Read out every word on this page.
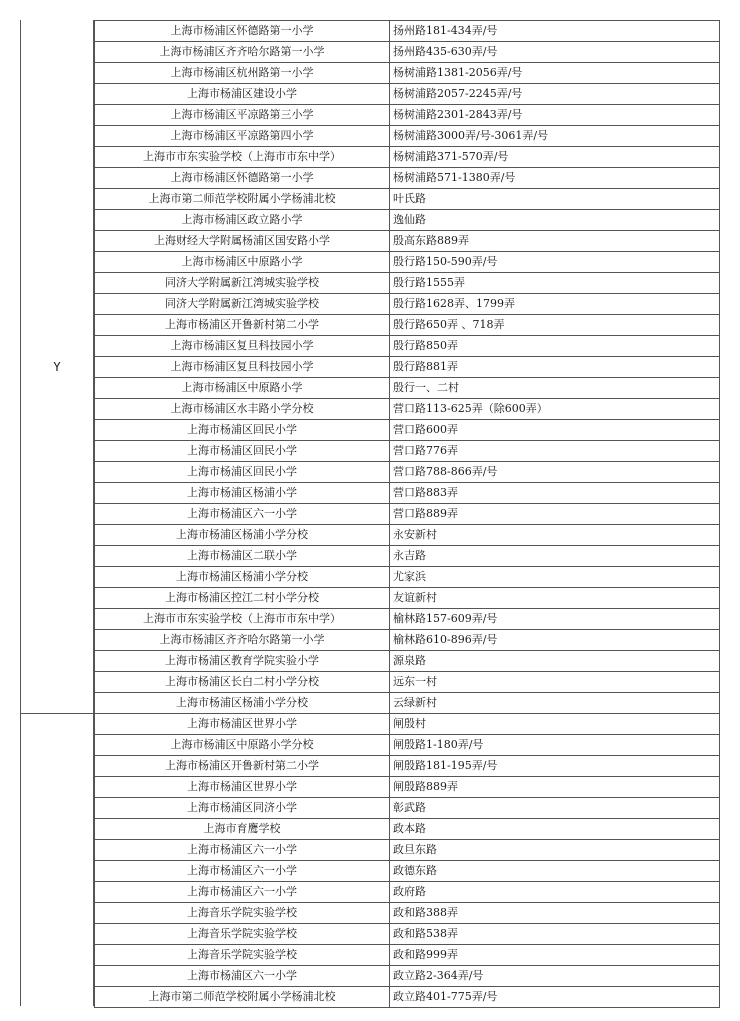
Y
上海市杨浦区怀德路第一小学	扬州路181-434弄/号
上海市杨浦区齐齐哈尔路第一小学	扬州路435-630弄/号
上海市杨浦区杭州路第一小学	杨树浦路1381-2056弄/号
上海市杨浦区建设小学	杨树浦路2057-2245弄/号
上海市杨浦区平凉路第三小学	杨树浦路2301-2843弄/号
上海市杨浦区平凉路第四小学	杨树浦路3000弄/号-3061弄/号
上海市市东实验学校（上海市市东中学）	杨树浦路371-570弄/号
上海市杨浦区怀德路第一小学	杨树浦路571-1380弄/号
上海市第二师范学校附属小学杨浦北校	叶氏路
上海市杨浦区政立路小学	逸仙路
上海财经大学附属杨浦区国安路小学	殷高东路889弄
上海市杨浦区中原路小学	殷行路150-590弄/号
同济大学附属新江湾城实验学校	殷行路1555弄
同济大学附属新江湾城实验学校	殷行路1628弄、1799弄
上海市杨浦区开鲁新村第二小学	殷行路650弄 、718弄
上海市杨浦区复旦科技园小学	殷行路850弄
上海市杨浦区复旦科技园小学	殷行路881弄
上海市杨浦区中原路小学	殷行一、二村
上海市杨浦区水丰路小学分校	营口路113-625弄（除600弄）
上海市杨浦区回民小学	营口路600弄
上海市杨浦区回民小学	营口路776弄
上海市杨浦区回民小学	营口路788-866弄/号
上海市杨浦区杨浦小学	营口路883弄
上海市杨浦区六一小学	营口路889弄
上海市杨浦区杨浦小学分校	永安新村
上海市杨浦区二联小学	永吉路
上海市杨浦区杨浦小学分校	尤家浜
上海市杨浦区控江二村小学分校	友谊新村
上海市市东实验学校（上海市市东中学）	榆林路157-609弄/号
上海市杨浦区齐齐哈尔路第一小学	榆林路610-896弄/号
上海市杨浦区教育学院实验小学	源泉路
上海市杨浦区长白二村小学分校	远东一村
上海市杨浦区杨浦小学分校	云绿新村
上海市杨浦区世界小学	闸殷村
上海市杨浦区中原路小学分校	闸殷路1-180弄/号
上海市杨浦区开鲁新村第二小学	闸殷路181-195弄/号
上海市杨浦区世界小学	闸殷路889弄
上海市杨浦区同济小学	彰武路
上海市育鹰学校	政本路
上海市杨浦区六一小学	政旦东路
上海市杨浦区六一小学	政德东路
上海市杨浦区六一小学	政府路
上海音乐学院实验学校	政和路388弄
上海音乐学院实验学校	政和路538弄
上海音乐学院实验学校	政和路999弄
上海市杨浦区六一小学	政立路2-364弄/号
上海市第二师范学校附属小学杨浦北校	政立路401-775弄/号
